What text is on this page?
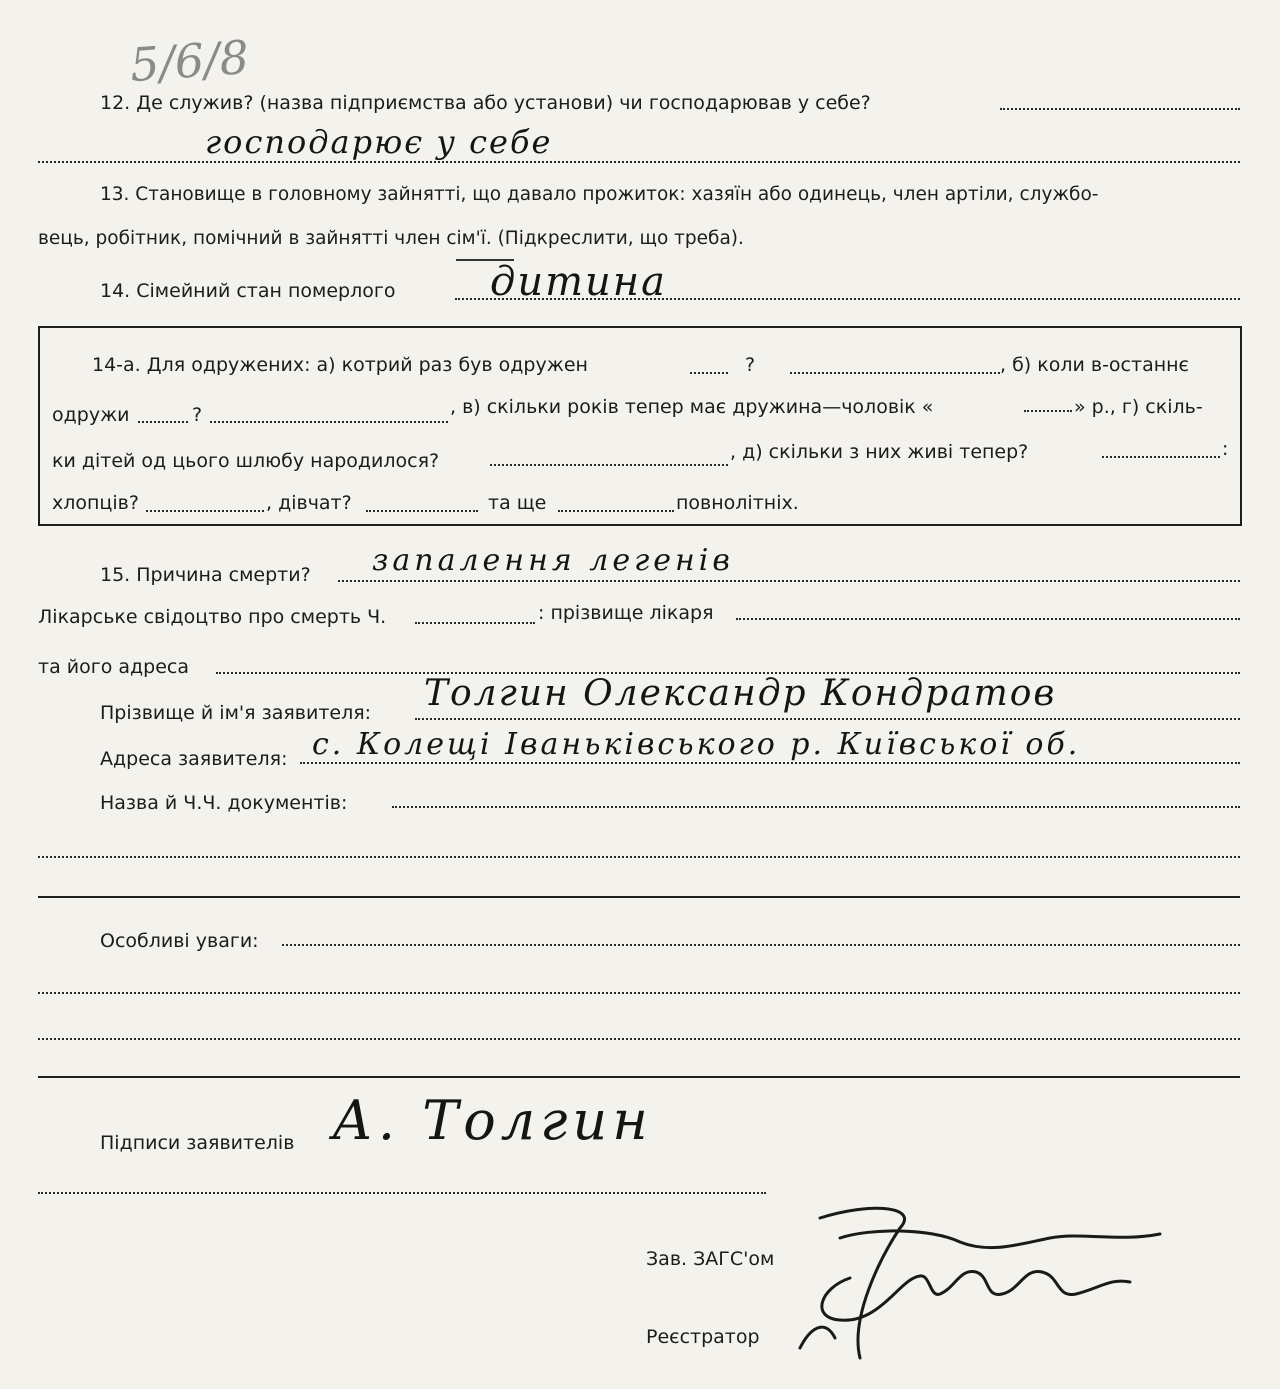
5/6/8
12. Де служив? (назва підприємства або установи) чи господарював у себе?
господарює у себе
13. Становище в головному зайнятті, що давало прожиток: хазяїн або одинець, член артіли, службо-
вець, робітник, помічний в зайнятті член сім'ї. (Підкреслити, що треба).
14. Сімейний стан померлого дитина
14-а. Для одружених: а) котрий раз був одружен	?	, б) коли в-останнє
одружи	?	, в) скільки років тепер має дружина—чоловік «	» р., г) скіль-
ки дітей од цього шлюбу народилося?	, д) скільки з них живі тепер?	:
хлопців?	, дівчат?	та ще	повнолітніх.
15. Причина смерти? запалення легенів
Лікарське свідоцтво про смерть Ч.	: прізвище лікаря
та його адреса
Прізвище й ім'я заявителя: Толгин Олександр Кондратов
Адреса заявителя: с. Колещі Іваньківського р. Київської об.
Назва й Ч.Ч. документів:
Особливі уваги:
Підписи заявителів А. Толгин
Зав. ЗАГС'ом
Реєстратор
